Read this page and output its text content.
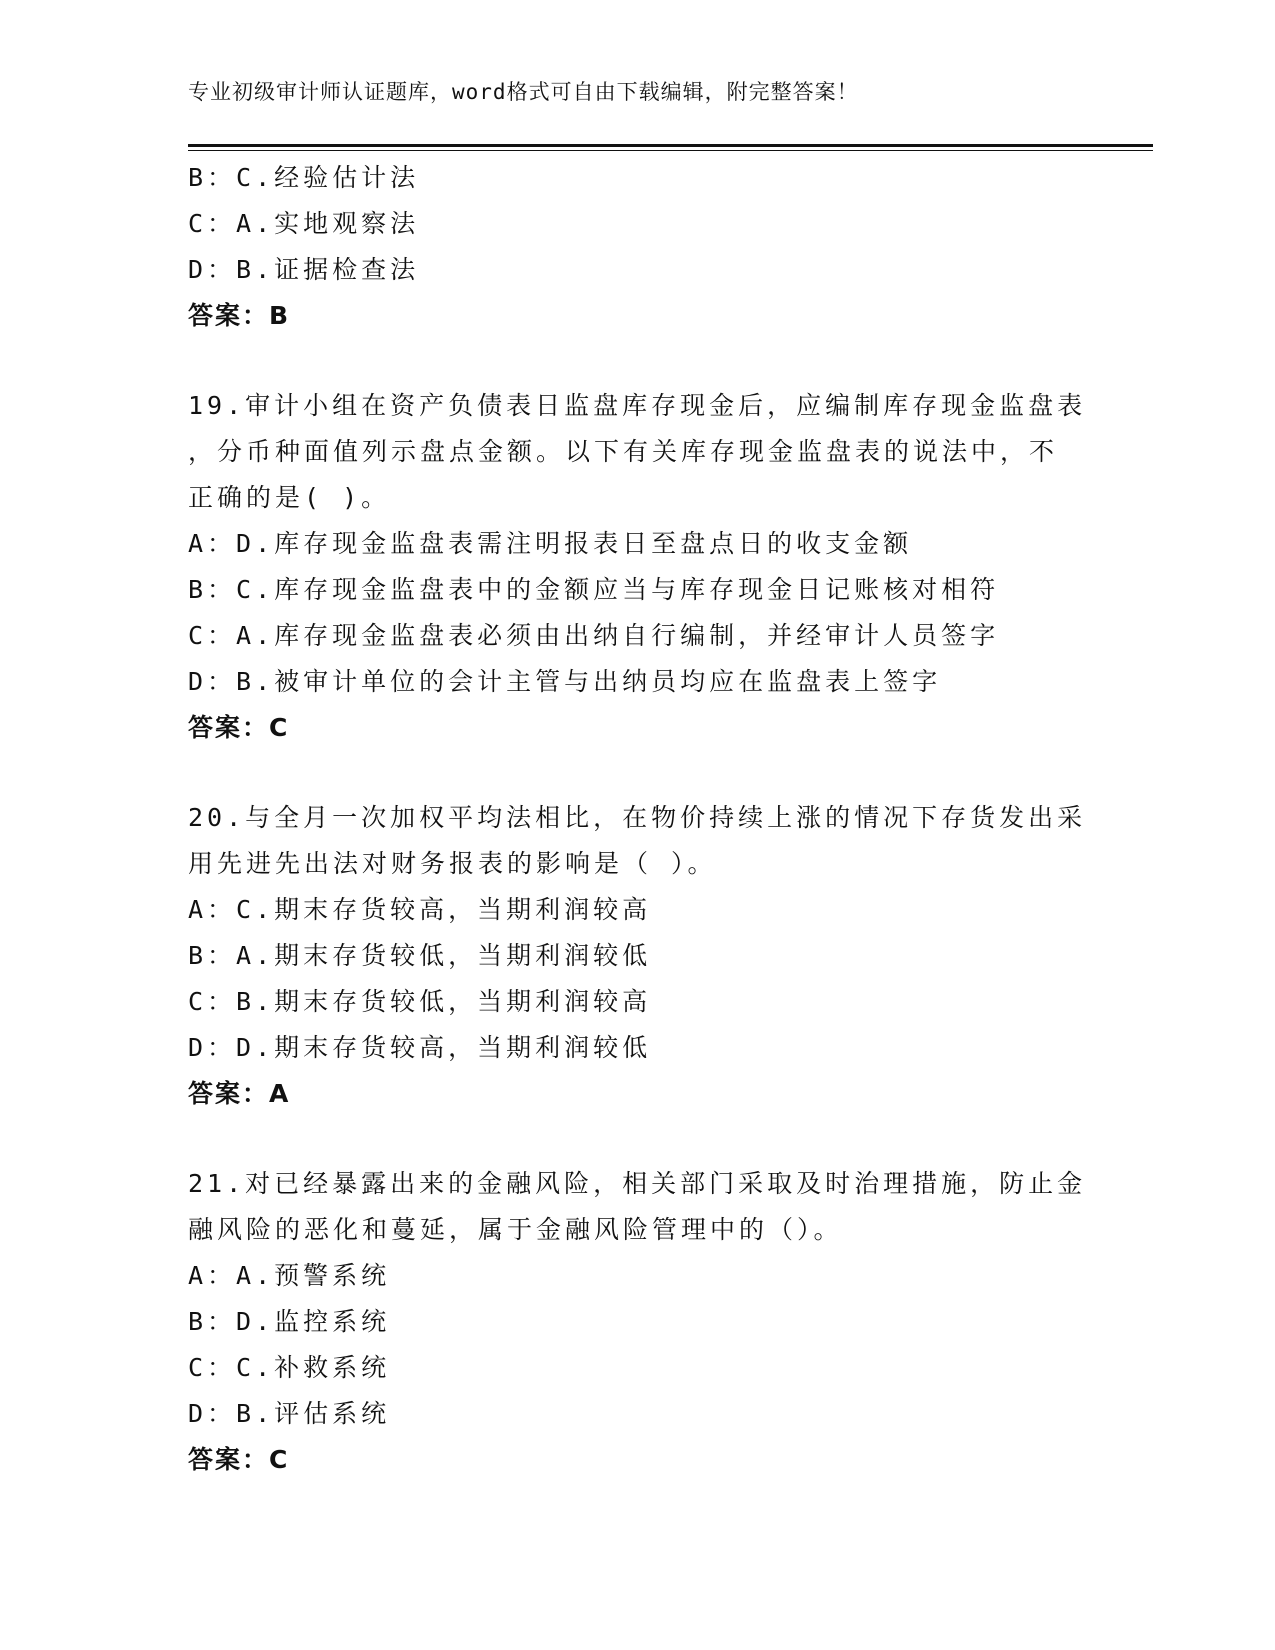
专业初级审计师认证题库，word格式可自由下载编辑，附完整答案！
B：C.经验估计法
C：A.实地观察法
D：B.证据检查法
答案：B
19.审计小组在资产负债表日监盘库存现金后，应编制库存现金监盘表
，分币种面值列示盘点金额。以下有关库存现金监盘表的说法中，不
正确的是( )。
A：D.库存现金监盘表需注明报表日至盘点日的收支金额
B：C.库存现金监盘表中的金额应当与库存现金日记账核对相符
C：A.库存现金监盘表必须由出纳自行编制，并经审计人员签字
D：B.被审计单位的会计主管与出纳员均应在监盘表上签字
答案：C
20.与全月一次加权平均法相比，在物价持续上涨的情况下存货发出采
用先进先出法对财务报表的影响是（ ）。
A：C.期末存货较高，当期利润较高
B：A.期末存货较低，当期利润较低
C：B.期末存货较低，当期利润较高
D：D.期末存货较高，当期利润较低
答案：A
21.对已经暴露出来的金融风险，相关部门采取及时治理措施，防止金
融风险的恶化和蔓延，属于金融风险管理中的（）。
A：A.预警系统
B：D.监控系统
C：C.补救系统
D：B.评估系统
答案：C
